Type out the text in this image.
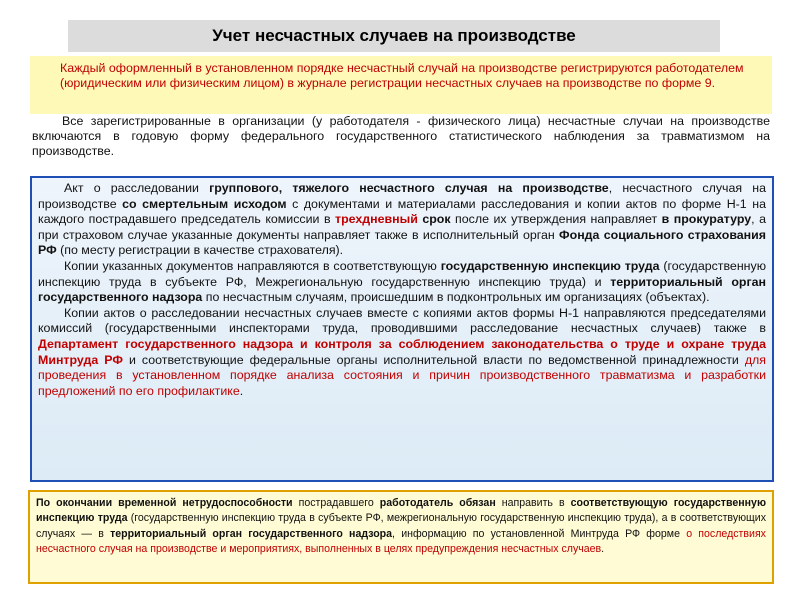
Учет несчастных случаев на производстве
Каждый оформленный в установленном порядке несчастный случай на производстве регистрируются работодателем (юридическим или физическим лицом) в журнале регистрации несчастных случаев на производстве по форме 9.
Все зарегистрированные в организации (у работодателя - физического лица) несчастные случаи на производстве включаются в годовую форму федерального государственного статистического наблюдения за травматизмом на производстве.

Акт о расследовании группового, тяжелого несчастного случая на производстве, несчастного случая на производстве со смертельным исходом с документами и материалами расследования и копии актов по форме Н-1 на каждого пострадавшего председатель комиссии в трехдневный срок после их утверждения направляет в прокуратуру, а при страховом случае указанные документы направляет также в исполнительный орган Фонда социального страхования РФ (по месту регистрации в качестве страхователя).

Копии указанных документов направляются в соответствующую государственную инспекцию труда (государственную инспекцию труда в субъекте РФ, Межрегиональную государственную инспекцию труда) и территориальный орган государственного надзора по несчастным случаям, происшедшим в подконтрольных им организациях (объектах).

Копии актов о расследовании несчастных случаев вместе с копиями актов формы Н-1 направляются председателями комиссий (государственными инспекторами труда, проводившими расследование несчастных случаев) также в Департамент государственного надзора и контроля за соблюдением законодательства о труде и охране труда Минтруда РФ и соответствующие федеральные органы исполнительной власти по ведомственной принадлежности для проведения в установленном порядке анализа состояния и причин производственного травматизма и разработки предложений по его профилактике.

По окончании временной нетрудоспособности пострадавшего работодатель обязан направить в соответствующую государственную инспекцию труда (государственную инспекцию труда в субъекте РФ, межрегиональную государственную инспекцию труда), а в соответствующих случаях — в территориальный орган государственного надзора, информацию по установленной Минтруда РФ форме о последствиях несчастного случая на производстве и мероприятиях, выполненных в целях предупреждения несчастных случаев.
